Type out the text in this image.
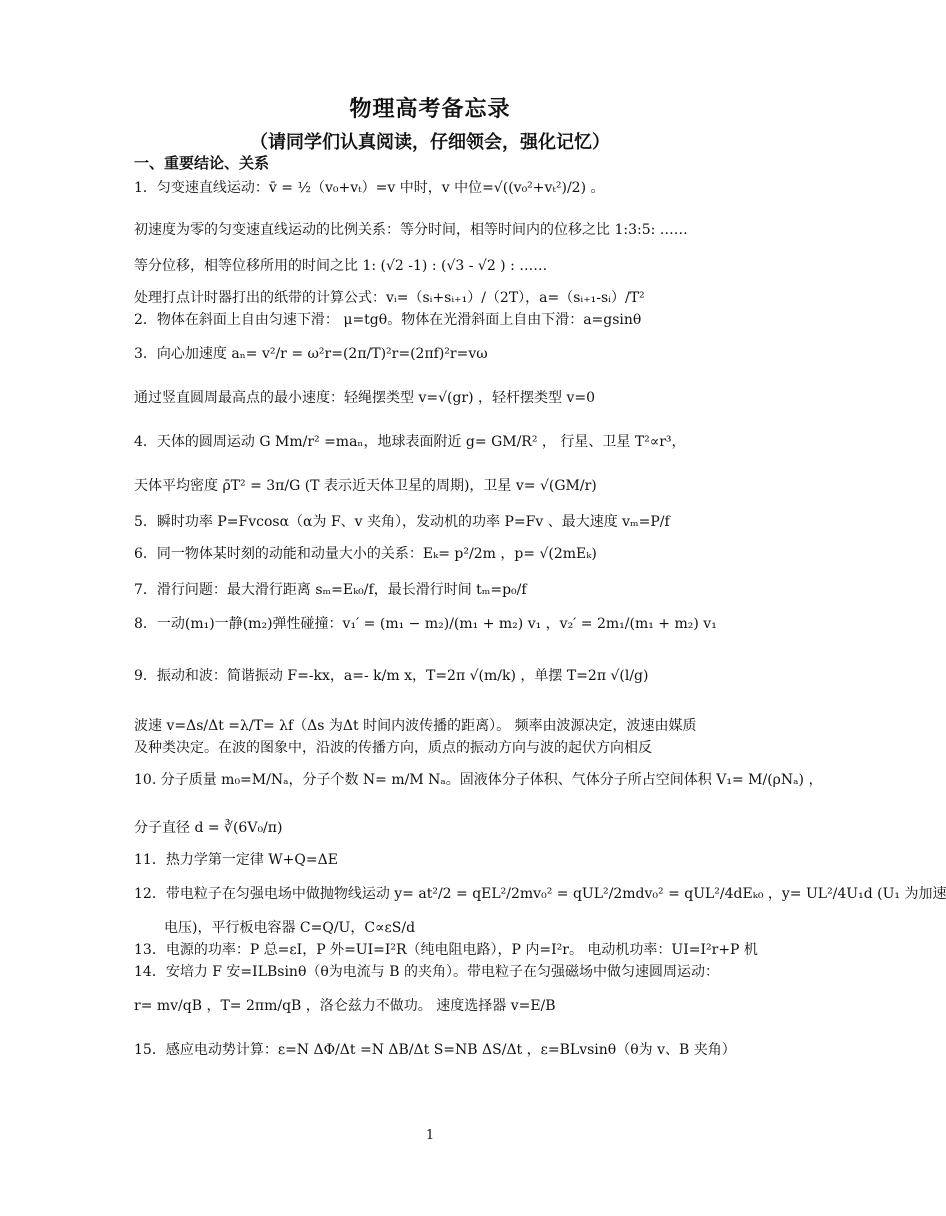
物理高考备忘录
（请同学们认真阅读，仔细领会，强化记忆）
一、重要结论、关系
1．匀变速直线运动：v̄ = ½（v₀+vₜ）=v 中时，v 中位=√((v₀²+vₜ²)/2) 。
初速度为零的匀变速直线运动的比例关系：等分时间，相等时间内的位移之比 1:3:5: ……
等分位移，相等位移所用的时间之比 1: (√2 -1) : (√3 - √2 ) : ……
处理打点计时器打出的纸带的计算公式：vᵢ=（sᵢ+sᵢ₊₁）/（2T），a=（sᵢ₊₁-sᵢ）/T²
2．物体在斜面上自由匀速下滑： μ=tgθ。物体在光滑斜面上自由下滑：a=gsinθ
3．向心加速度 aₙ= v²/r = ω²r=(2π/T)²r=(2πf)²r=vω
通过竖直圆周最高点的最小速度：轻绳摆类型 v=√(gr) ，轻杆摆类型 v=0
4．天体的圆周运动 G Mm/r² =maₙ，地球表面附近 g= GM/R² ， 行星、卫星 T²∝r³，
天体平均密度 ρ̄T² = 3π/G (T 表示近天体卫星的周期)，卫星 v= √(GM/r)
5．瞬时功率 P=Fvcosα（α为 F、v 夹角），发动机的功率 P=Fv 、最大速度 vₘ=P/f
6．同一物体某时刻的动能和动量大小的关系：Eₖ= p²/2m ，p= √(2mEₖ)
7．滑行问题：最大滑行距离 sₘ=Eₖ₀/f，最长滑行时间 tₘ=p₀/f
8．一动(m₁)一静(m₂)弹性碰撞：v₁′ = (m₁ − m₂)/(m₁ + m₂) v₁ ，v₂′ = 2m₁/(m₁ + m₂) v₁
9．振动和波：简谐振动 F=-kx，a=- k/m x，T=2π √(m/k) ，单摆 T=2π √(l/g)
波速 v=Δs/Δt =λ/T= λf（Δs 为Δt 时间内波传播的距离）。 频率由波源决定，波速由媒质
及种类决定。在波的图象中，沿波的传播方向，质点的振动方向与波的起伏方向相反
10. 分子质量 m₀=M/Nₐ，分子个数 N= m/M Nₐ。固液体分子体积、气体分子所占空间体积 V₁= M/(ρNₐ) ，
分子直径 d = ∛(6V₀/π)
11．热力学第一定律 W+Q=ΔE
12．带电粒子在匀强电场中做抛物线运动 y= at²/2 = qEL²/2mv₀² = qUL²/2mdv₀² = qUL²/4dEₖ₀ ，y= UL²/4U₁d (U₁ 为加速
电压)，平行板电容器 C=Q/U，C∝εS/d
13．电源的功率：P 总=εI，P 外=UI=I²R（纯电阻电路），P 内=I²r。 电动机功率：UI=I²r+P 机
14．安培力 F 安=ILBsinθ（θ为电流与 B 的夹角）。带电粒子在匀强磁场中做匀速圆周运动：
r= mv/qB ，T= 2πm/qB ，洛仑兹力不做功。 速度选择器 v=E/B
15．感应电动势计算：ε=N ΔΦ/Δt =N ΔB/Δt S=NB ΔS/Δt ，ε=BLvsinθ（θ为 v、B 夹角）
1
